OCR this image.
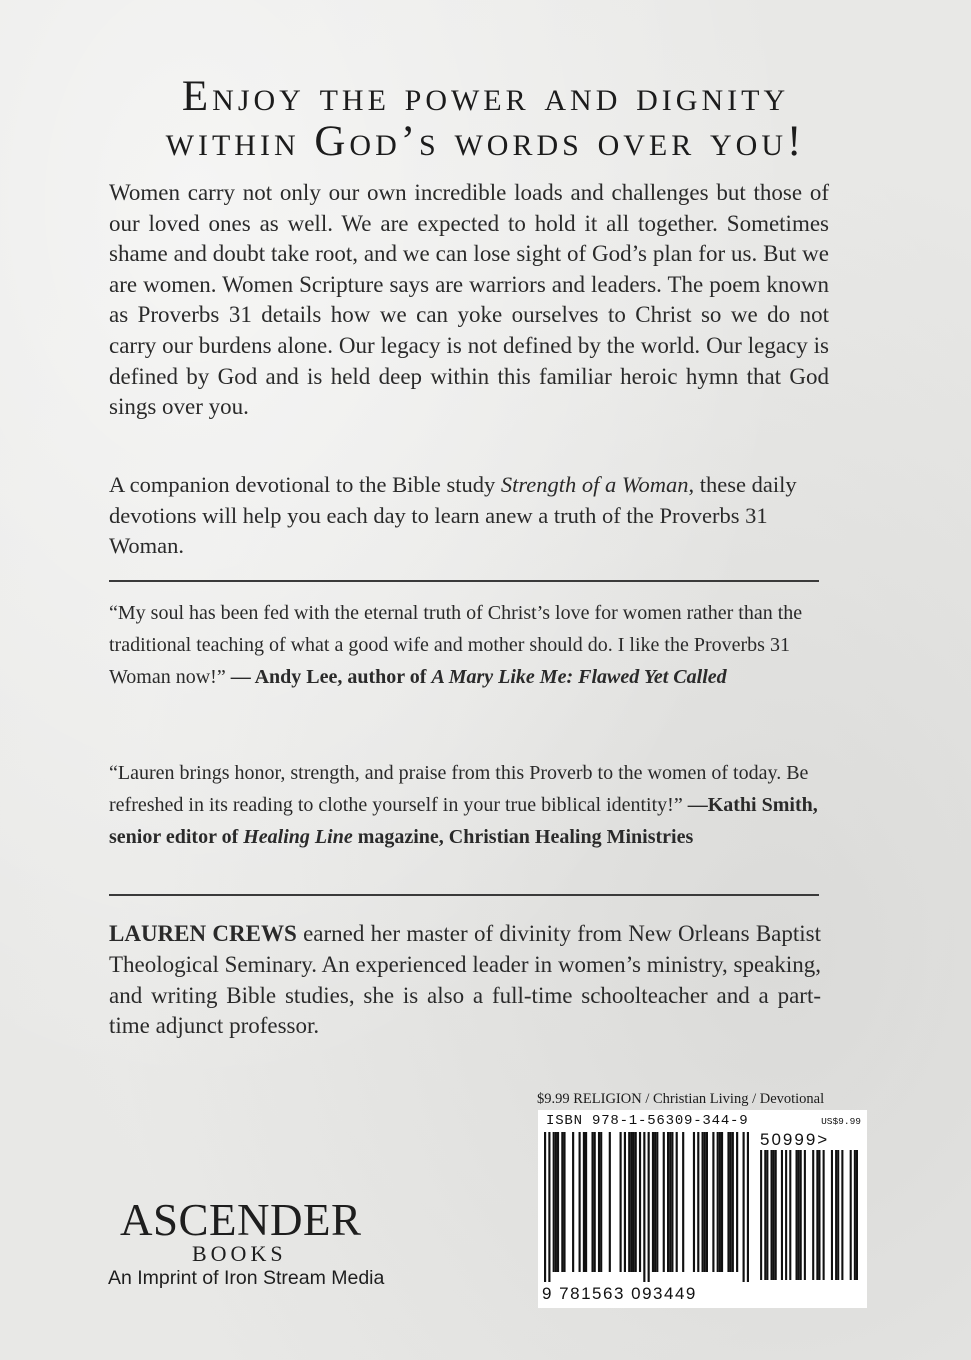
Enjoy the power and dignity
within God’s words over you!
Women carry not only our own incredible loads and challenges but those of our loved ones as well. We are expected to hold it all together. Sometimes shame and doubt take root, and we can lose sight of God’s plan for us. But we are women. Women Scripture says are warriors and leaders. The poem known as Proverbs 31 details how we can yoke ourselves to Christ so we do not carry our burdens alone. Our legacy is not defined by the world. Our legacy is defined by God and is held deep within this familiar heroic hymn that God sings over you.
A companion devotional to the Bible study Strength of a Woman, these daily devotions will help you each day to learn anew a truth of the Proverbs 31 Woman.
“My soul has been fed with the eternal truth of Christ’s love for women rather than the traditional teaching of what a good wife and mother should do. I like the Proverbs 31 Woman now!” — Andy Lee, author of A Mary Like Me: Flawed Yet Called
“Lauren brings honor, strength, and praise from this Proverb to the women of today. Be refreshed in its reading to clothe yourself in your true biblical identity!” —Kathi Smith, senior editor of Healing Line magazine, Christian Healing Ministries
LAUREN CREWS earned her master of divinity from New Orleans Baptist Theological Seminary. An experienced leader in women’s ministry, speaking, and writing Bible studies, she is also a full-time schoolteacher and a part-time adjunct professor.
ASCENDER
BOOKS
An Imprint of Iron Stream Media
$9.99 RELIGION / Christian Living / Devotional
ISBN 978-1-56309-344-9	US$9.99
9 781563 093449
50999>
